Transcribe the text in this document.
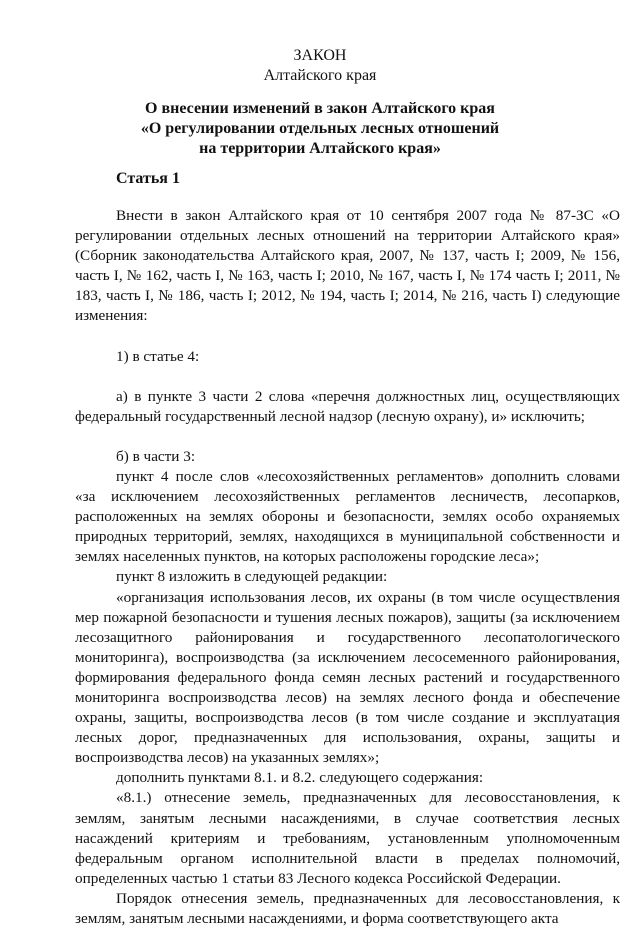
ЗАКОН
Алтайского края
О внесении изменений в закон Алтайского края
«О регулировании отдельных лесных отношений
на территории Алтайского края»
Статья 1

Внести в закон Алтайского края от 10 сентября 2007 года № 87-ЗС «О регулировании отдельных лесных отношений на территории Алтайского края» (Сборник законодательства Алтайского края, 2007, № 137, часть I; 2009, № 156, часть I, № 162, часть I, № 163, часть I; 2010, № 167, часть I, № 174 часть I; 2011, № 183, часть I, № 186, часть I; 2012, № 194, часть I; 2014, № 216, часть I) следующие изменения:

1) в статье 4:

а) в пункте 3 части 2 слова «перечня должностных лиц, осуществляющих федеральный государственный лесной надзор (лесную охрану), и» исключить;

б) в части 3:

пункт 4 после слов «лесохозяйственных регламентов» дополнить словами «за исключением лесохозяйственных регламентов лесничеств, лесопарков, расположенных на землях обороны и безопасности, землях особо охраняемых природных территорий, землях, находящихся в муниципальной собственности и землях населенных пунктов, на которых расположены городские леса»;

пункт 8 изложить в следующей редакции:

«организация использования лесов, их охраны (в том числе осуществления мер пожарной безопасности и тушения лесных пожаров), защиты (за исключением лесозащитного районирования и государственного лесопатологического мониторинга), воспроизводства (за исключением лесосеменного районирования, формирования федерального фонда семян лесных растений и государственного мониторинга воспроизводства лесов) на землях лесного фонда и обеспечение охраны, защиты, воспроизводства лесов (в том числе создание и эксплуатация лесных дорог, предназначенных для использования, охраны, защиты и воспроизводства лесов) на указанных землях»;

дополнить пунктами 8.1. и 8.2. следующего содержания:

«8.1.) отнесение земель, предназначенных для лесовосстановления, к землям, занятым лесными насаждениями, в случае соответствия лесных насаждений критериям и требованиям, установленным уполномоченным федеральным органом исполнительной власти в пределах полномочий, определенных частью 1 статьи 83 Лесного кодекса Российской Федерации.

Порядок отнесения земель, предназначенных для лесовосстановления, к землям, занятым лесными насаждениями, и форма соответствующего акта
